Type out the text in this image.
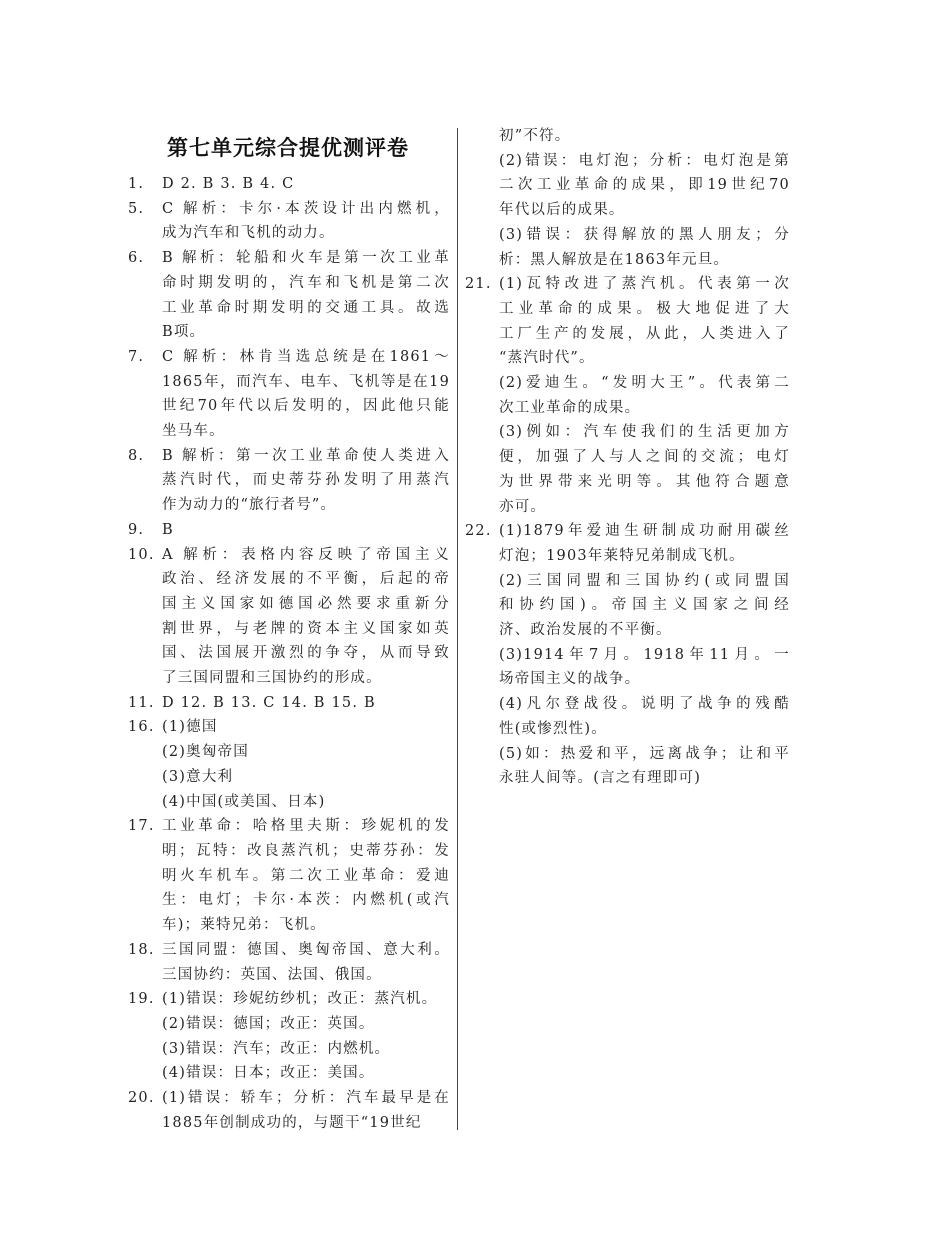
第七单元综合提优测评卷
1.	D 2. B 3. B 4. C
5.	C 解析：卡尔·本茨设计出内燃机，
成为汽车和飞机的动力。
6.	B 解析：轮船和火车是第一次工业革
命时期发明的，汽车和飞机是第二次
工业革命时期发明的交通工具。故选
B项。
7.	C 解析：林肯当选总统是在1861～
1865年，而汽车、电车、飞机等是在19
世纪70年代以后发明的，因此他只能
坐马车。
8.	B 解析：第一次工业革命使人类进入
蒸汽时代，而史蒂芬孙发明了用蒸汽
作为动力的“旅行者号”。
9.	B
10. A 解析：表格内容反映了帝国主义
政治、经济发展的不平衡，后起的帝
国主义国家如德国必然要求重新分
割世界，与老牌的资本主义国家如英
国、法国展开激烈的争夺，从而导致
了三国同盟和三国协约的形成。
11. D 12. B 13. C 14. B 15. B
16. (1)德国
(2)奥匈帝国
(3)意大利
(4)中国(或美国、日本)
17. 工业革命：哈格里夫斯：珍妮机的发
明；瓦特：改良蒸汽机；史蒂芬孙：发
明火车机车。第二次工业革命：爱迪
生：电灯；卡尔·本茨：内燃机(或汽
车)；莱特兄弟：飞机。
18. 三国同盟：德国、奥匈帝国、意大利。
三国协约：英国、法国、俄国。
19. (1)错误：珍妮纺纱机；改正：蒸汽机。
(2)错误：德国；改正：英国。
(3)错误：汽车；改正：内燃机。
(4)错误：日本；改正：美国。
20. (1)错误：轿车；分析：汽车最早是在
1885年创制成功的，与题干“19世纪
初”不符。
(2)错误：电灯泡；分析：电灯泡是第
二次工业革命的成果，即19世纪70
年代以后的成果。
(3)错误：获得解放的黑人朋友；分
析：黑人解放是在1863年元旦。
21. (1)瓦特改进了蒸汽机。代表第一次
工业革命的成果。极大地促进了大
工厂生产的发展，从此，人类进入了
“蒸汽时代”。
(2)爱迪生。“发明大王”。代表第二
次工业革命的成果。
(3)例如：汽车使我们的生活更加方
便，加强了人与人之间的交流；电灯
为世界带来光明等。其他符合题意
亦可。
22. (1)1879年爱迪生研制成功耐用碳丝
灯泡；1903年莱特兄弟制成飞机。
(2)三国同盟和三国协约(或同盟国
和协约国)。帝国主义国家之间经
济、政治发展的不平衡。
(3)1914年7月。1918年11月。一
场帝国主义的战争。
(4)凡尔登战役。说明了战争的残酷
性(或惨烈性)。
(5)如：热爱和平，远离战争；让和平
永驻人间等。(言之有理即可)
